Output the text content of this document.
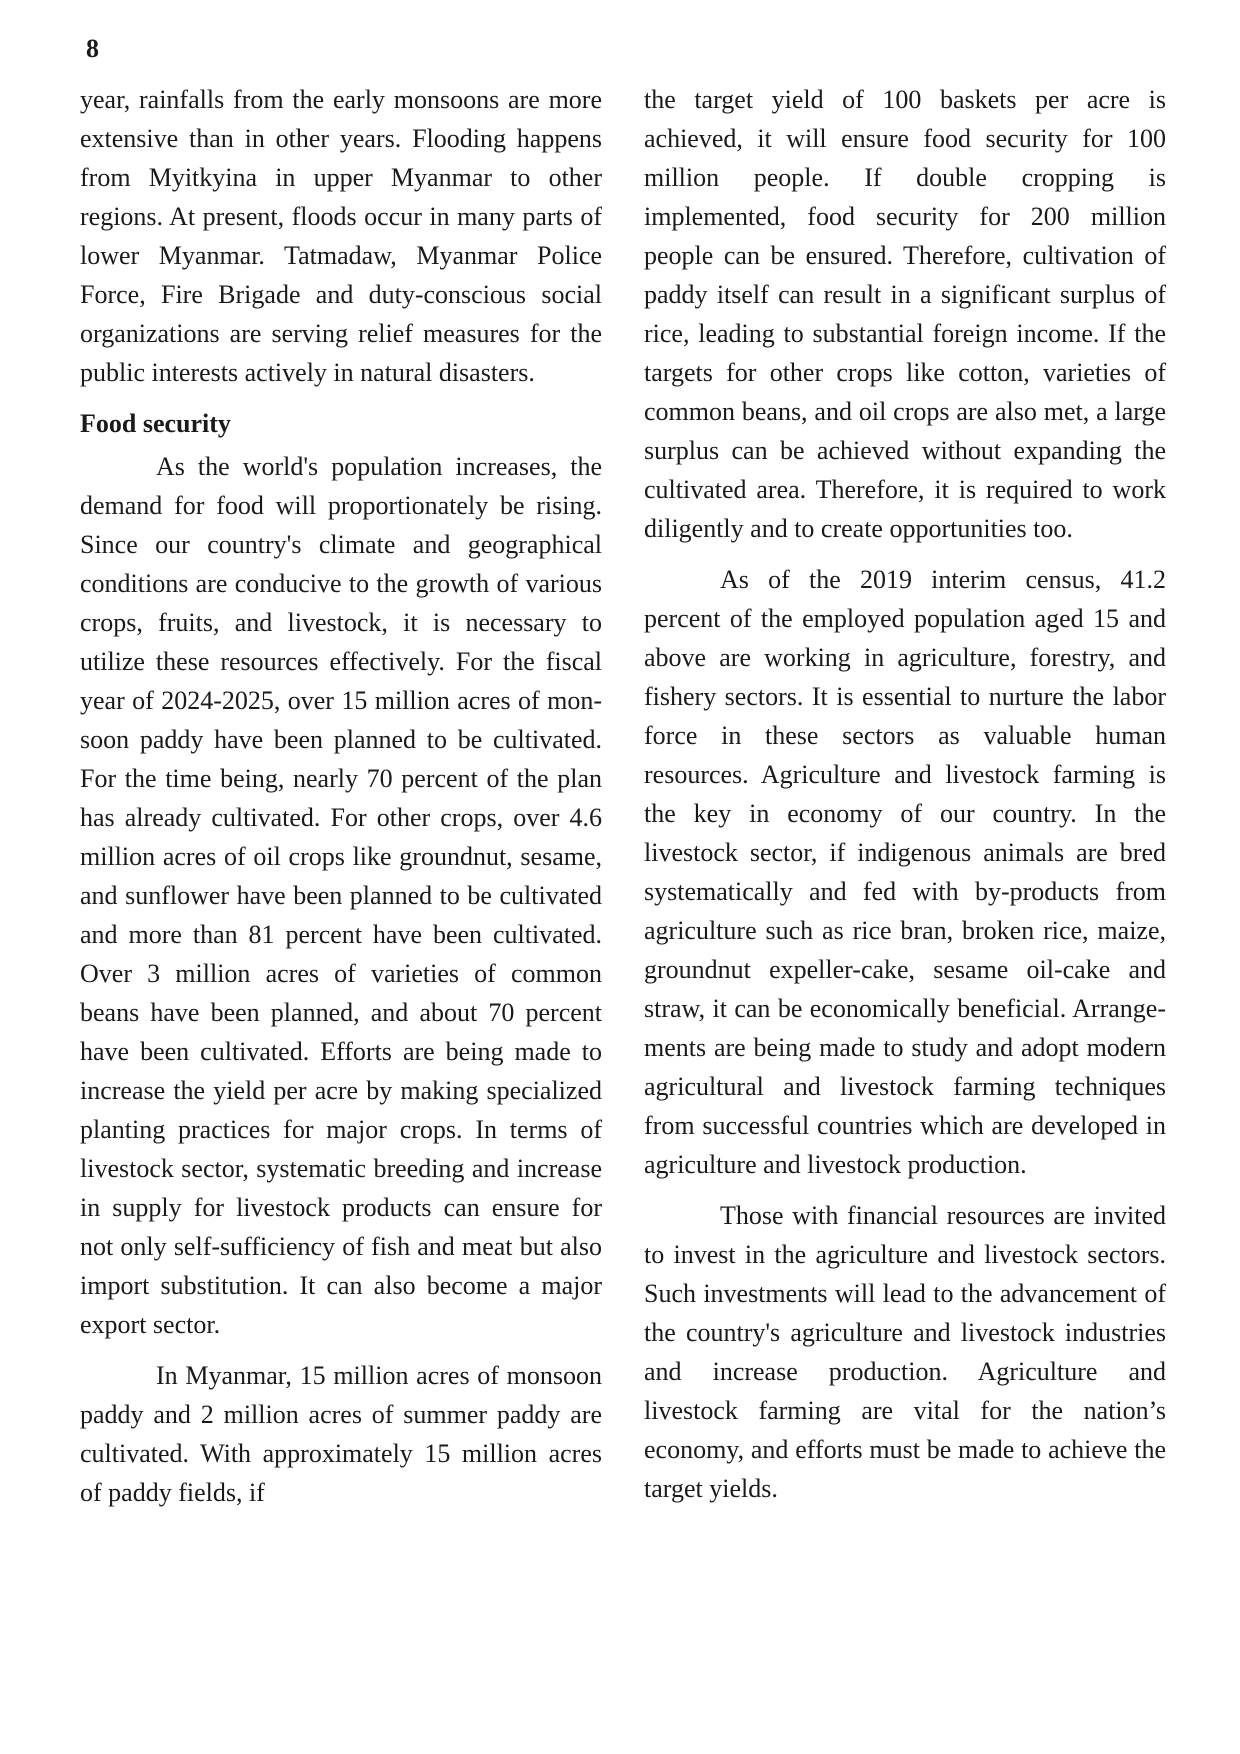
8

year, rainfalls from the early monsoons are more extensive than in other years. Flooding happens from Myitkyina in upper Myanmar to other regions. At present, floods occur in many parts of lower Myanmar. Tatmadaw, Myanmar Police Force, Fire Brigade and duty-conscious social organizations are serving relief measures for the public interests actively in natural disasters.

Food security

As the world's population increases, the demand for food will proportionately be rising. Since our country's climate and geographical conditions are conducive to the growth of various crops, fruits, and livestock, it is necessary to utilize these resources effectively. For the fiscal year of 2024-2025, over 15 million acres of monsoon paddy have been planned to be cultivated. For the time being, nearly 70 percent of the plan has already cultivated. For other crops, over 4.6 million acres of oil crops like groundnut, sesame, and sunflower have been planned to be cultivated and more than 81 percent have been cultivated. Over 3 million acres of varieties of common beans have been planned, and about 70 percent have been cultivated. Efforts are being made to increase the yield per acre by making specialized planting practices for major crops. In terms of livestock sector, systematic breeding and increase in supply for livestock products can ensure for not only self-sufficiency of fish and meat but also import substitution. It can also become a major export sector.

In Myanmar, 15 million acres of monsoon paddy and 2 million acres of summer paddy are cultivated. With approximately 15 million acres of paddy fields, if

the target yield of 100 baskets per acre is achieved, it will ensure food security for 100 million people. If double cropping is implemented, food security for 200 million people can be ensured. Therefore, cultivation of paddy itself can result in a significant surplus of rice, leading to substantial foreign income. If the targets for other crops like cotton, varieties of common beans, and oil crops are also met, a large surplus can be achieved without expanding the cultivated area. Therefore, it is required to work diligently and to create opportunities too.

As of the 2019 interim census, 41.2 percent of the employed population aged 15 and above are working in agriculture, forestry, and fishery sectors. It is essential to nurture the labor force in these sectors as valuable human resources. Agriculture and livestock farming is the key in economy of our country. In the livestock sector, if indigenous animals are bred systematically and fed with by-products from agriculture such as rice bran, broken rice, maize, groundnut expeller-cake, sesame oil-cake and straw, it can be economically beneficial. Arrangements are being made to study and adopt modern agricultural and livestock farming techniques from successful countries which are developed in agriculture and livestock production.

Those with financial resources are invited to invest in the agriculture and livestock sectors. Such investments will lead to the advancement of the country's agriculture and livestock industries and increase production. Agriculture and livestock farming are vital for the nation’s economy, and efforts must be made to achieve the target yields.
